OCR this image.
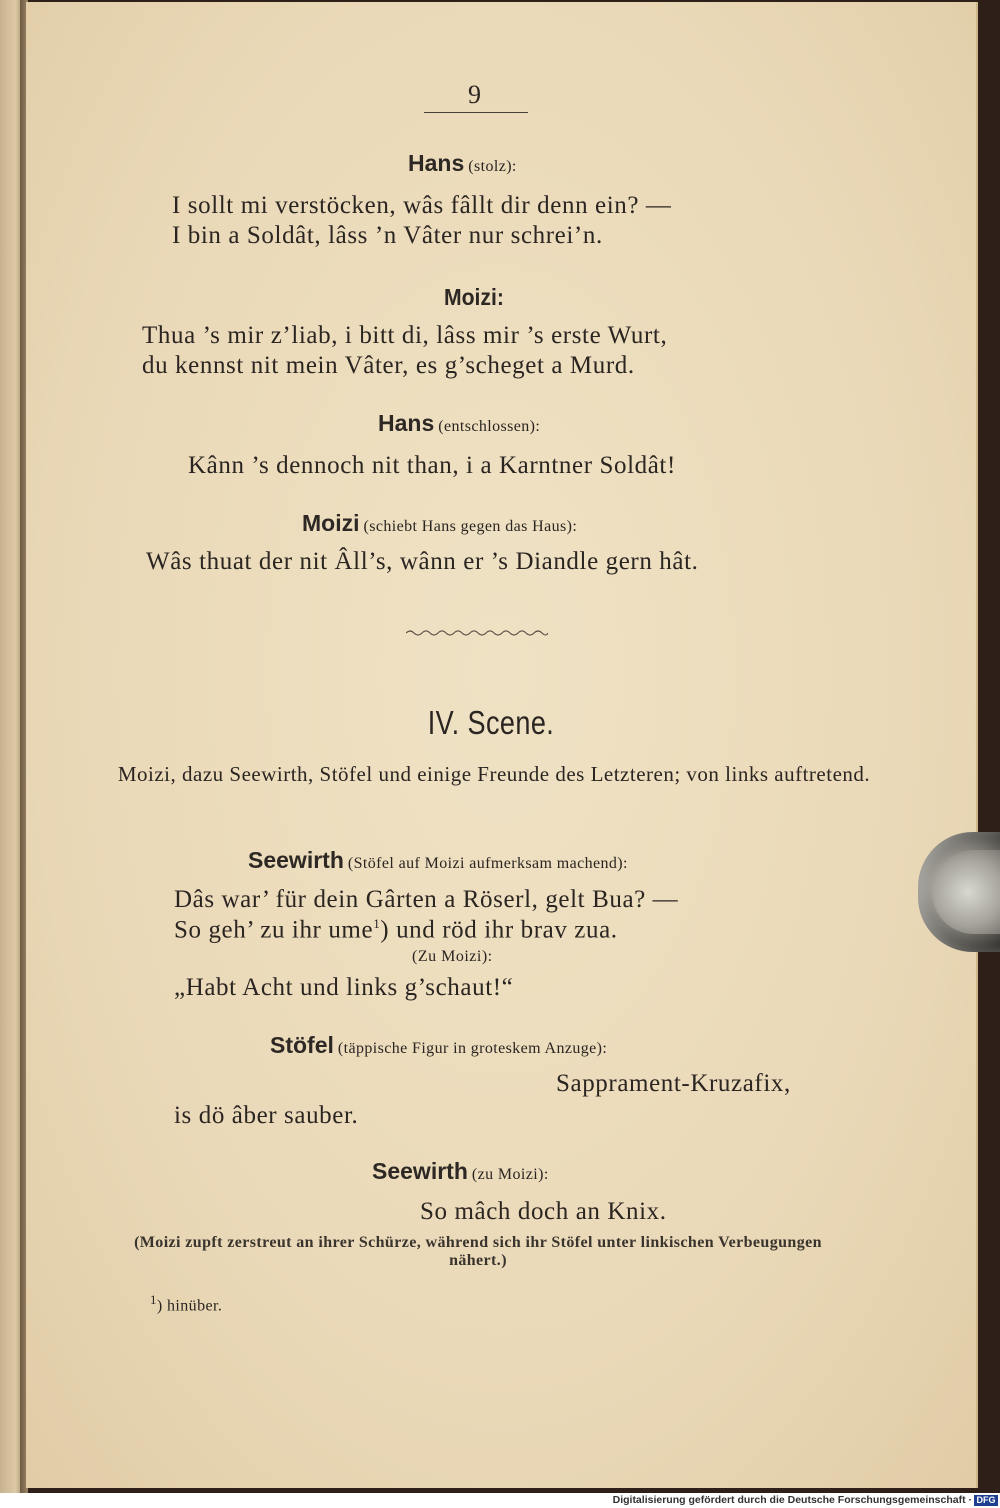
9
Hans (stolz):
I sollt mi verstöcken, wâs fâllt dir denn ein? —
I bin a Soldât, lâss ’n Vâter nur schrei’n.
Moizi:
Thua ’s mir z’liab, i bitt di, lâss mir ’s erste Wurt,
du kennst nit mein Vâter, es g’scheget a Murd.
Hans (entschlossen):
Kânn ’s dennoch nit than, i a Karntner Soldât!
Moizi (schiebt Hans gegen das Haus):
Wâs thuat der nit Âll’s, wânn er ’s Diandle gern hât.
IV. Scene.
Moizi, dazu Seewirth, Stöfel und einige Freunde des Letzteren; von links auftretend.
Seewirth (Stöfel auf Moizi aufmerksam machend):
Dâs war’ für dein Gârten a Röserl, gelt Bua? —
So geh’ zu ihr ume$^1$) und röd ihr brav zua.
(Zu Moizi):
„Habt Acht und links g’schaut!“
Stöfel (täppische Figur in groteskem Anzuge):
Sapprament-Kruzafix,
is dö âber sauber.
Seewirth (zu Moizi):
So mâch doch an Knix.
(Moizi zupft zerstreut an ihrer Schürze, während sich ihr Stöfel unter linkischen Verbeugungen nähert.)
$^1$) hinüber.
Digitalisierung gefördert durch die Deutsche Forschungsgemeinschaft · DFG
